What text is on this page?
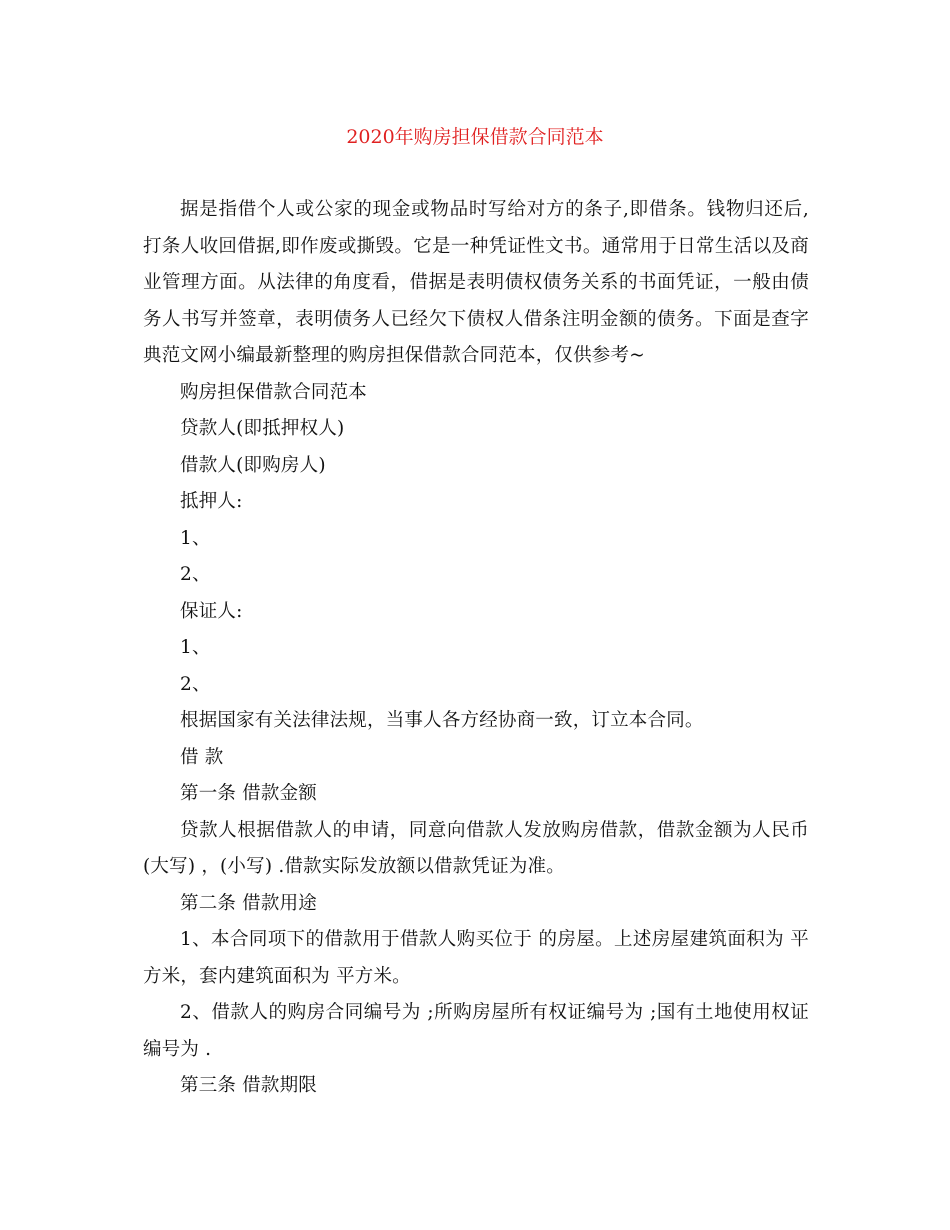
2020年购房担保借款合同范本

据是指借个人或公家的现金或物品时写给对方的条子,即借条。钱物归还后,打条人收回借据,即作废或撕毁。它是一种凭证性文书。通常用于日常生活以及商业管理方面。从法律的角度看，借据是表明债权债务关系的书面凭证，一般由债务人书写并签章，表明债务人已经欠下债权人借条注明金额的债务。下面是查字典范文网小编最新整理的购房担保借款合同范本，仅供参考~

购房担保借款合同范本

贷款人(即抵押权人)

借款人(即购房人)

抵押人:

1、

2、

保证人:

1、

2、

根据国家有关法律法规，当事人各方经协商一致，订立本合同。

借 款

第一条 借款金额

贷款人根据借款人的申请，同意向借款人发放购房借款，借款金额为人民币(大写) ，(小写) .借款实际发放额以借款凭证为准。

第二条 借款用途

1、本合同项下的借款用于借款人购买位于 的房屋。上述房屋建筑面积为 平方米，套内建筑面积为 平方米。

2、借款人的购房合同编号为 ;所购房屋所有权证编号为 ;国有土地使用权证编号为 .

第三条 借款期限
